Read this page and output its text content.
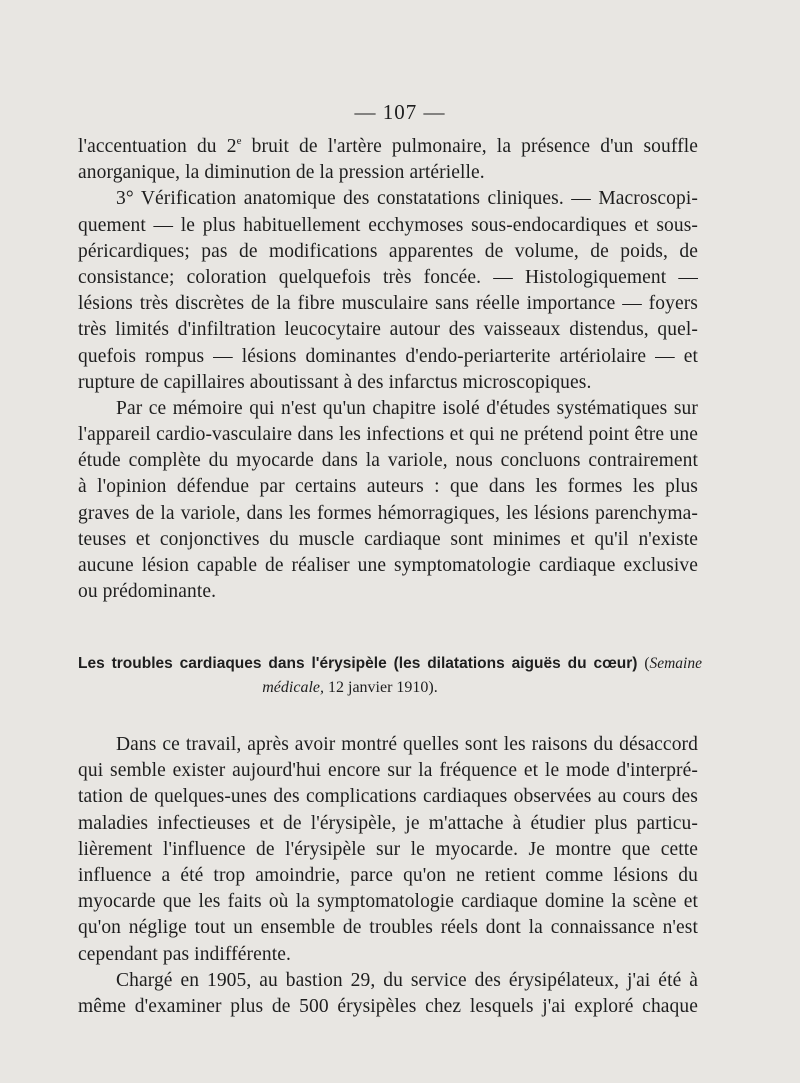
— 107 —
l'accentuation du 2e bruit de l'artère pulmonaire, la présence d'un souffle
anorganique, la diminution de la pression artérielle.
3° Vérification anatomique des constatations cliniques. — Macroscopi-
quement — le plus habituellement ecchymoses sous-endocardiques et sous-
péricardiques; pas de modifications apparentes de volume, de poids, de
consistance; coloration quelquefois très foncée. — Histologiquement —
lésions très discrètes de la fibre musculaire sans réelle importance — foyers
très limités d'infiltration leucocytaire autour des vaisseaux distendus, quel-
quefois rompus — lésions dominantes d'endo-periarterite artériolaire — et
rupture de capillaires aboutissant à des infarctus microscopiques.
Par ce mémoire qui n'est qu'un chapitre isolé d'études systématiques sur
l'appareil cardio-vasculaire dans les infections et qui ne prétend point être une
étude complète du myocarde dans la variole, nous concluons contrairement
à l'opinion défendue par certains auteurs : que dans les formes les plus
graves de la variole, dans les formes hémorragiques, les lésions parenchyma-
teuses et conjonctives du muscle cardiaque sont minimes et qu'il n'existe
aucune lésion capable de réaliser une symptomatologie cardiaque exclusive
ou prédominante.
Les troubles cardiaques dans l'érysipèle (les dilatations aiguës du cœur) (Semaine
médicale, 12 janvier 1910).
Dans ce travail, après avoir montré quelles sont les raisons du désaccord
qui semble exister aujourd'hui encore sur la fréquence et le mode d'interpré-
tation de quelques-unes des complications cardiaques observées au cours des
maladies infectieuses et de l'érysipèle, je m'attache à étudier plus particu-
lièrement l'influence de l'érysipèle sur le myocarde. Je montre que cette
influence a été trop amoindrie, parce qu'on ne retient comme lésions du
myocarde que les faits où la symptomatologie cardiaque domine la scène et
qu'on néglige tout un ensemble de troubles réels dont la connaissance n'est
cependant pas indifférente.
Chargé en 1905, au bastion 29, du service des érysipélateux, j'ai été à
même d'examiner plus de 500 érysipèles chez lesquels j'ai exploré chaque
